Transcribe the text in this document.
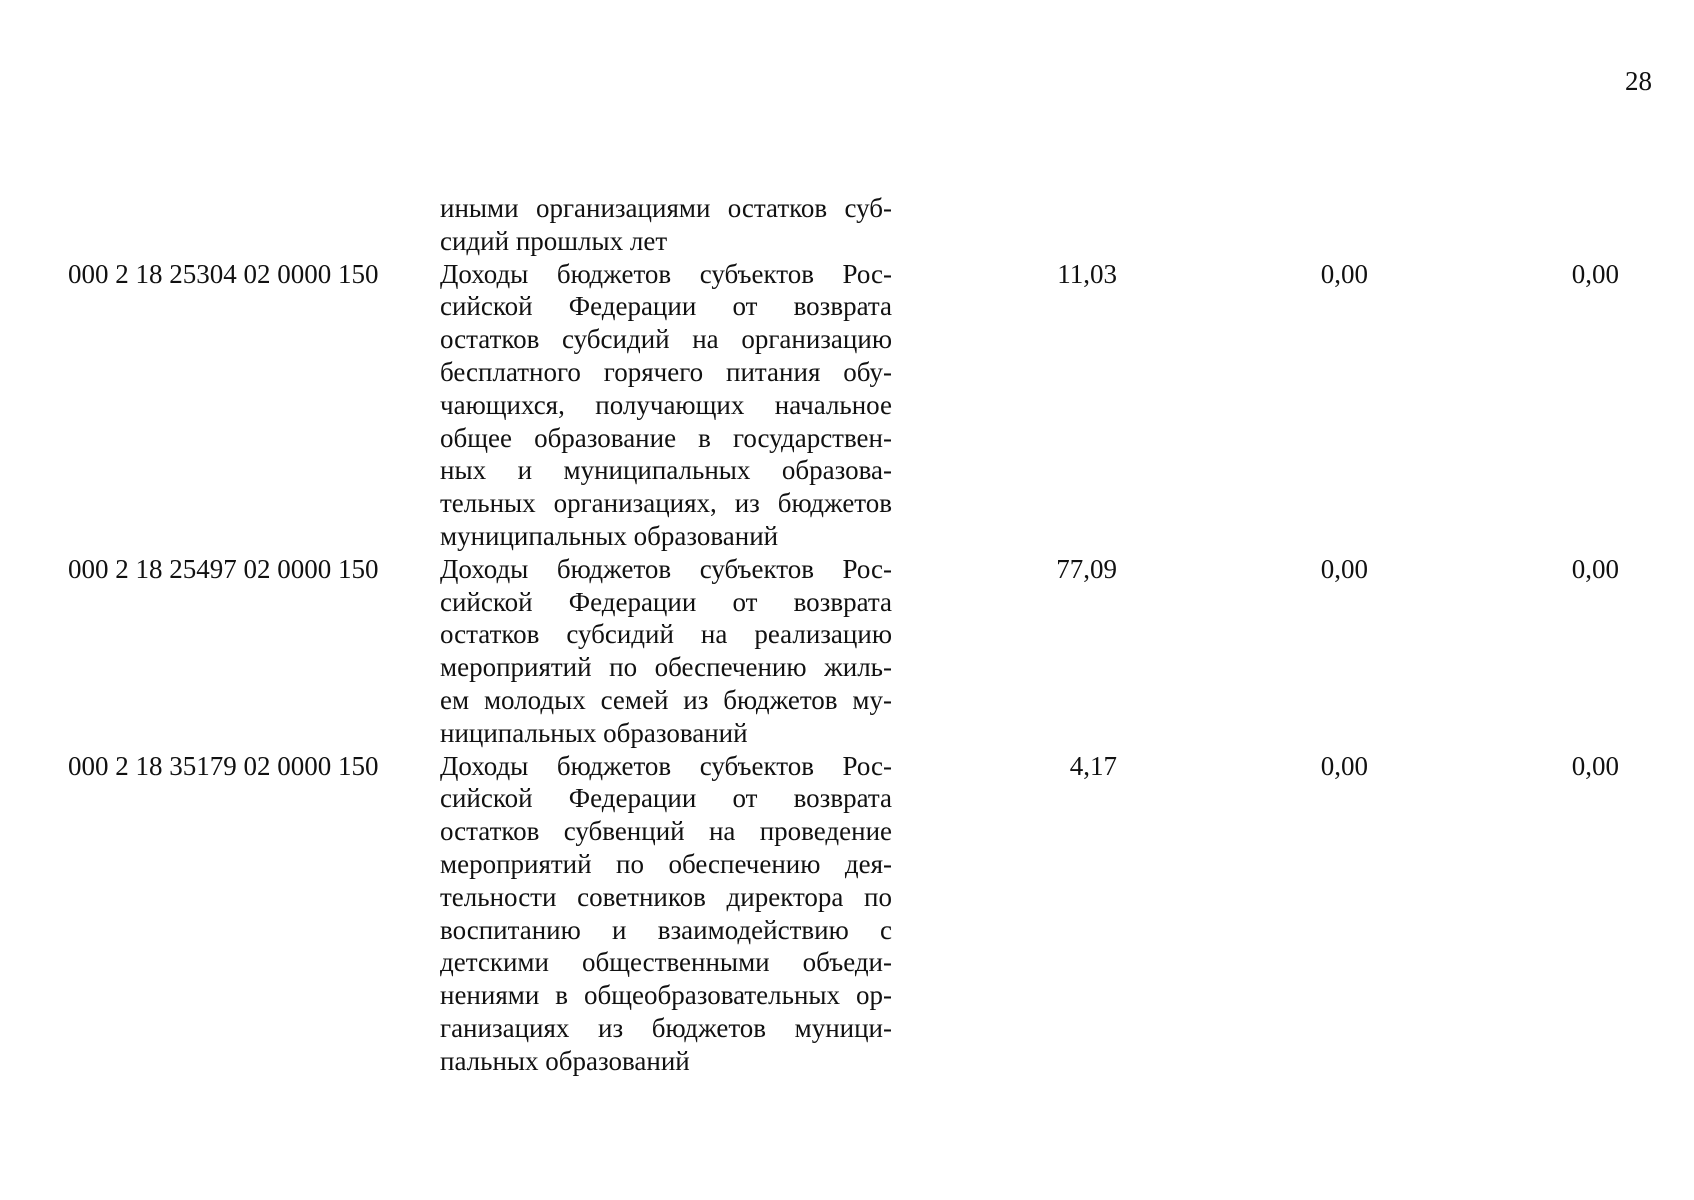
28
иными организациями остатков суб-
сидий прошлых лет
000 2 18 25304 02 0000 150 Доходы бюджетов субъектов Рос-
сийской Федерации от возврата
остатков субсидий на организацию
бесплатного горячего питания обу-
чающихся, получающих начальное
общее образование в государствен-
ных и муниципальных образова-
тельных организациях, из бюджетов
муниципальных образований
11,03	0,00	0,00
000 2 18 25497 02 0000 150 Доходы бюджетов субъектов Рос-
сийской Федерации от возврата
остатков субсидий на реализацию
мероприятий по обеспечению жиль-
ем молодых семей из бюджетов му-
ниципальных образований
77,09	0,00	0,00
000 2 18 35179 02 0000 150 Доходы бюджетов субъектов Рос-
сийской Федерации от возврата
остатков субвенций на проведение
мероприятий по обеспечению дея-
тельности советников директора по
воспитанию и взаимодействию с
детскими общественными объеди-
нениями в общеобразовательных ор-
ганизациях из бюджетов муници-
пальных образований
4,17	0,00	0,00
